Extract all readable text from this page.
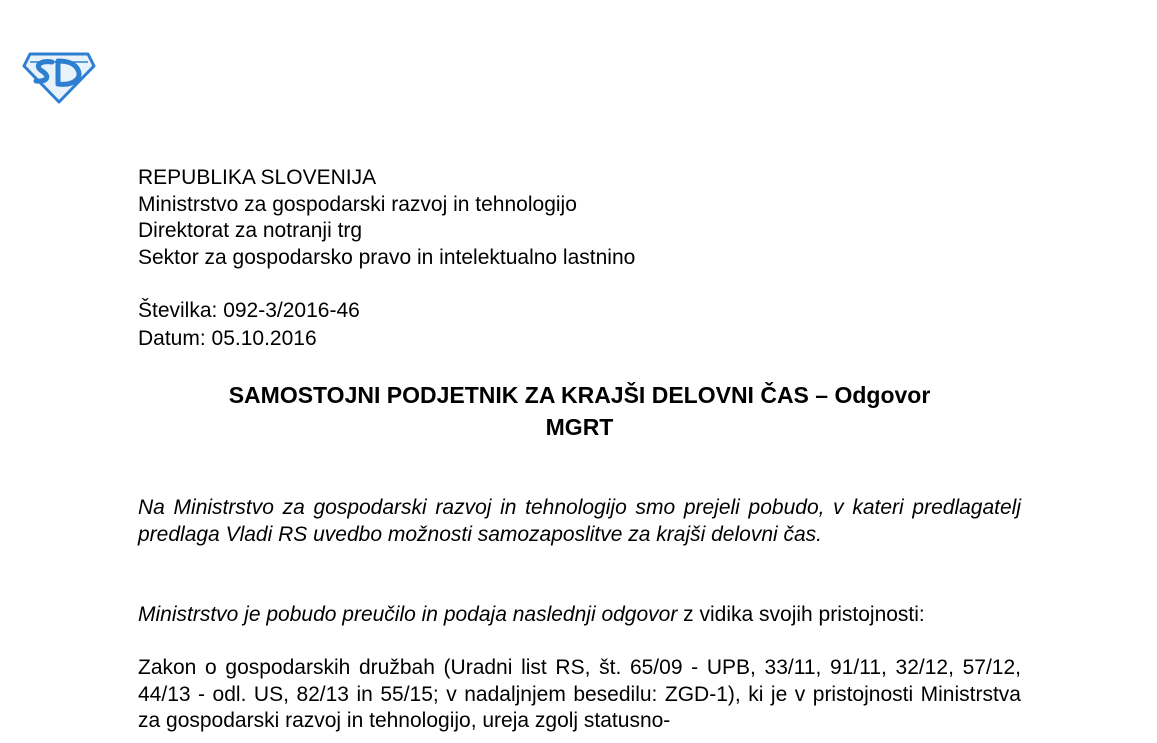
REPUBLIKA SLOVENIJA
Ministrstvo za gospodarski razvoj in tehnologijo
Direktorat za notranji trg
Sektor za gospodarsko pravo in intelektualno lastnino
Številka: 092-3/2016-46
Datum: 05.10.2016
SAMOSTOJNI PODJETNIK ZA KRAJŠI DELOVNI ČAS – Odgovor
MGRT

Na Ministrstvo za gospodarski razvoj in tehnologijo smo prejeli pobudo, v kateri predlagatelj predlaga Vladi RS uvedbo možnosti samozaposlitve za krajši delovni čas.

Ministrstvo je pobudo preučilo in podaja naslednji odgovor z vidika svojih pristojnosti:

Zakon o gospodarskih družbah (Uradni list RS, št. 65/09 - UPB, 33/11, 91/11, 32/12, 57/12, 44/13 - odl. US, 82/13 in 55/15; v nadaljnjem besedilu: ZGD-1), ki je v pristojnosti Ministrstva za gospodarski razvoj in tehnologijo, ureja zgolj statusno-
